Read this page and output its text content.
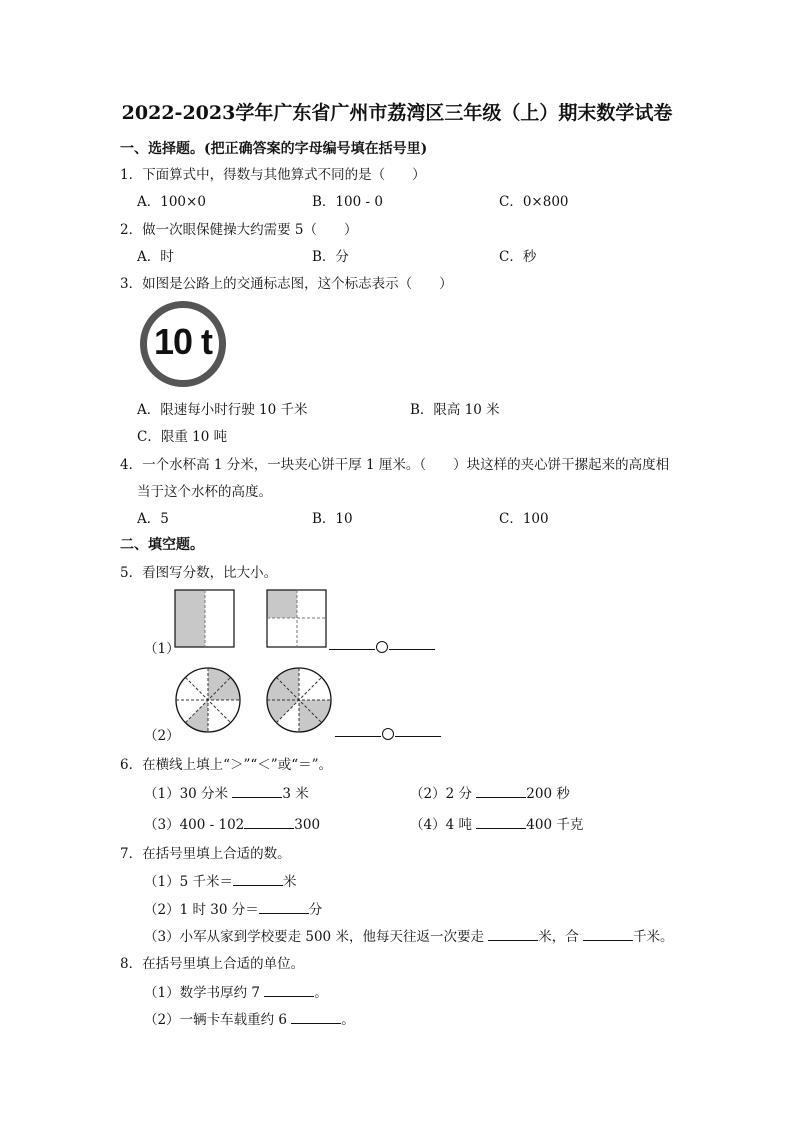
2022-2023学年广东省广州市荔湾区三年级（上）期末数学试卷
一、选择题。(把正确答案的字母编号填在括号里)
1．下面算式中，得数与其他算式不同的是（　　）
A．100×0	B．100 - 0	C．0×800
2．做一次眼保健操大约需要 5（　　）
A．时	B．分	C．秒
3．如图是公路上的交通标志图，这个标志表示（　　）
10 t
A．限速每小时行驶 10 千米	B．限高 10 米
C．限重 10 吨
4．一个水杯高 1 分米，一块夹心饼干厚 1 厘米。（　　）块这样的夹心饼干摞起来的高度相
当于这个水杯的高度。
A．5	B．10	C．100
二、填空题。
5．看图写分数，比大小。
（1）
（2）
6．在横线上填上“＞”“＜”或“＝”。
（1）30 分米	3 米	（2）2 分	200 秒
（3）400 - 102	300	（4）4 吨	400 千克
7．在括号里填上合适的数。
（1）5 千米＝	米
（2）1 时 30 分＝	分
（3）小军从家到学校要走 500 米，他每天往返一次要走	米，合	千米。
8．在括号里填上合适的单位。
（1）数学书厚约 7	。
（2）一辆卡车载重约 6	。
